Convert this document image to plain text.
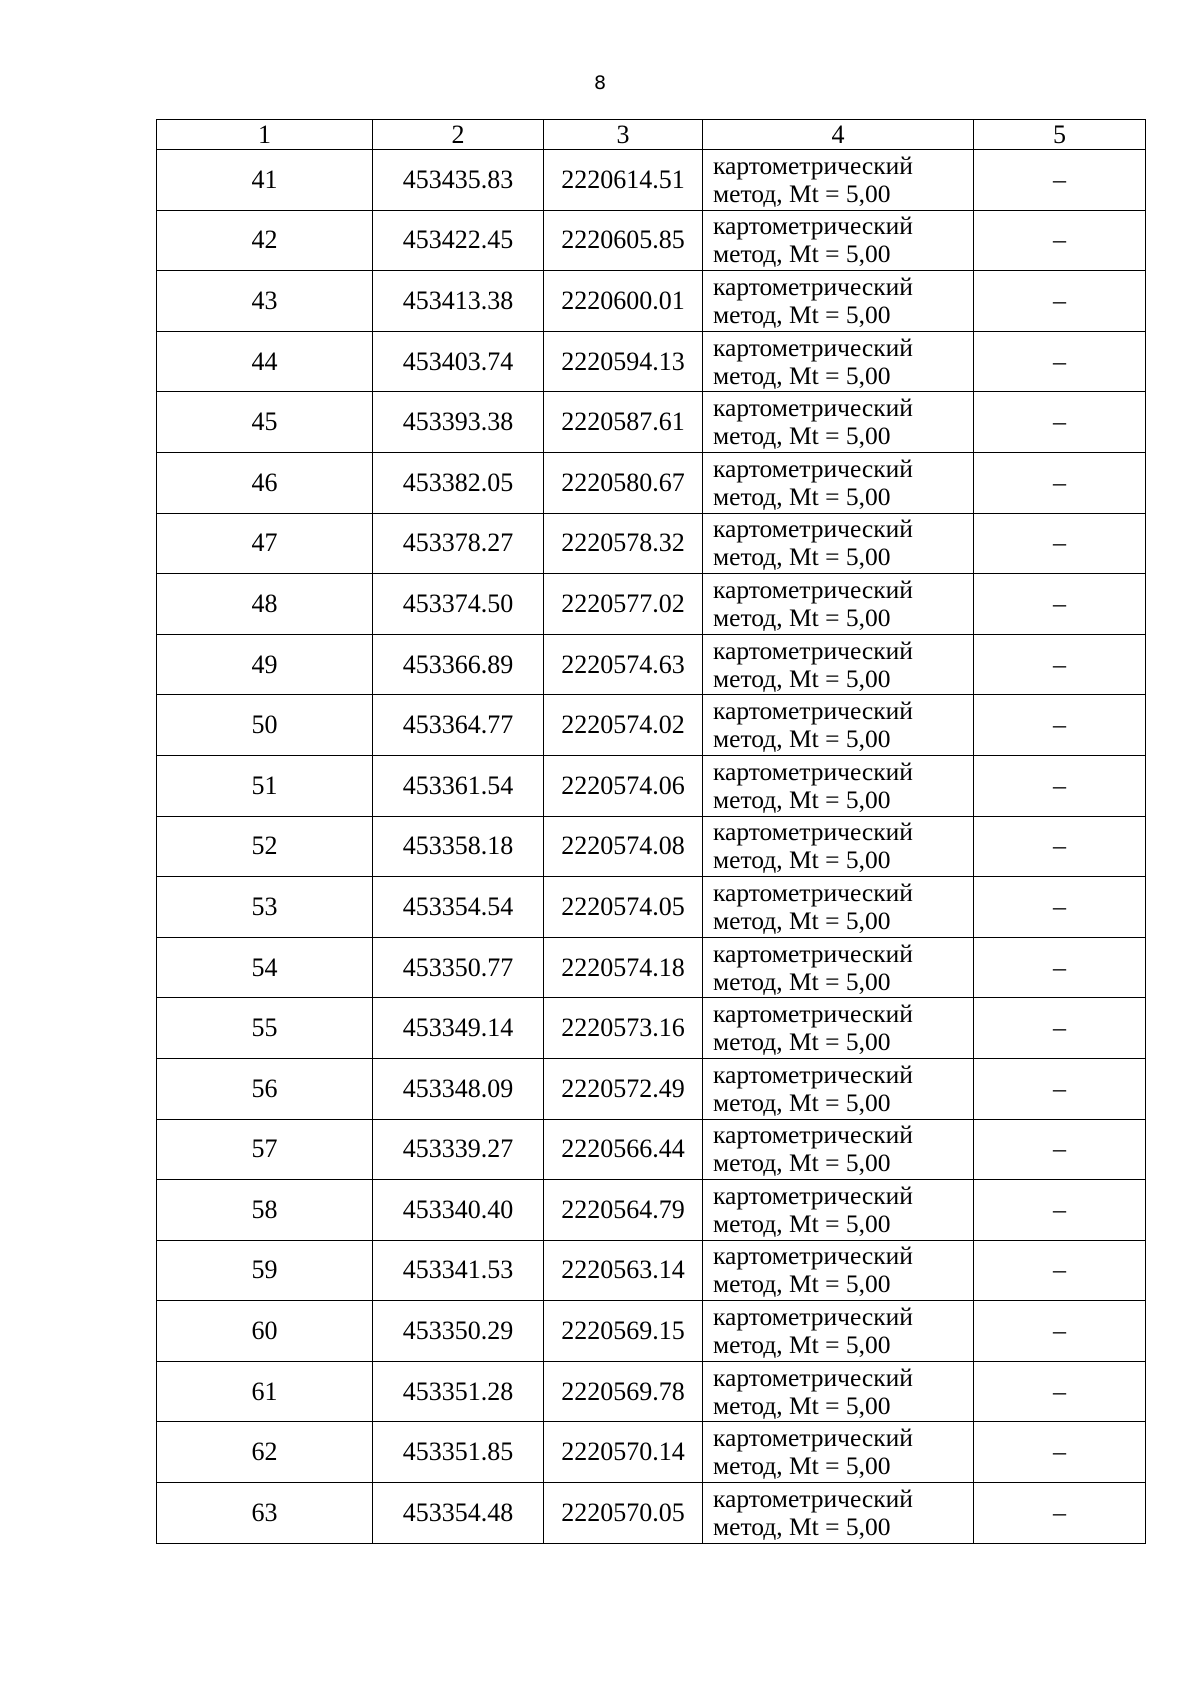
8
1	2	3	4	5
41	453435.83	2220614.51	картометрический
метод, Mt = 5,00	–
42	453422.45	2220605.85	картометрический
метод, Mt = 5,00	–
43	453413.38	2220600.01	картометрический
метод, Mt = 5,00	–
44	453403.74	2220594.13	картометрический
метод, Mt = 5,00	–
45	453393.38	2220587.61	картометрический
метод, Mt = 5,00	–
46	453382.05	2220580.67	картометрический
метод, Mt = 5,00	–
47	453378.27	2220578.32	картометрический
метод, Mt = 5,00	–
48	453374.50	2220577.02	картометрический
метод, Mt = 5,00	–
49	453366.89	2220574.63	картометрический
метод, Mt = 5,00	–
50	453364.77	2220574.02	картометрический
метод, Mt = 5,00	–
51	453361.54	2220574.06	картометрический
метод, Mt = 5,00	–
52	453358.18	2220574.08	картометрический
метод, Mt = 5,00	–
53	453354.54	2220574.05	картометрический
метод, Mt = 5,00	–
54	453350.77	2220574.18	картометрический
метод, Mt = 5,00	–
55	453349.14	2220573.16	картометрический
метод, Mt = 5,00	–
56	453348.09	2220572.49	картометрический
метод, Mt = 5,00	–
57	453339.27	2220566.44	картометрический
метод, Mt = 5,00	–
58	453340.40	2220564.79	картометрический
метод, Mt = 5,00	–
59	453341.53	2220563.14	картометрический
метод, Mt = 5,00	–
60	453350.29	2220569.15	картометрический
метод, Mt = 5,00	–
61	453351.28	2220569.78	картометрический
метод, Mt = 5,00	–
62	453351.85	2220570.14	картометрический
метод, Mt = 5,00	–
63	453354.48	2220570.05	картометрический
метод, Mt = 5,00	–
